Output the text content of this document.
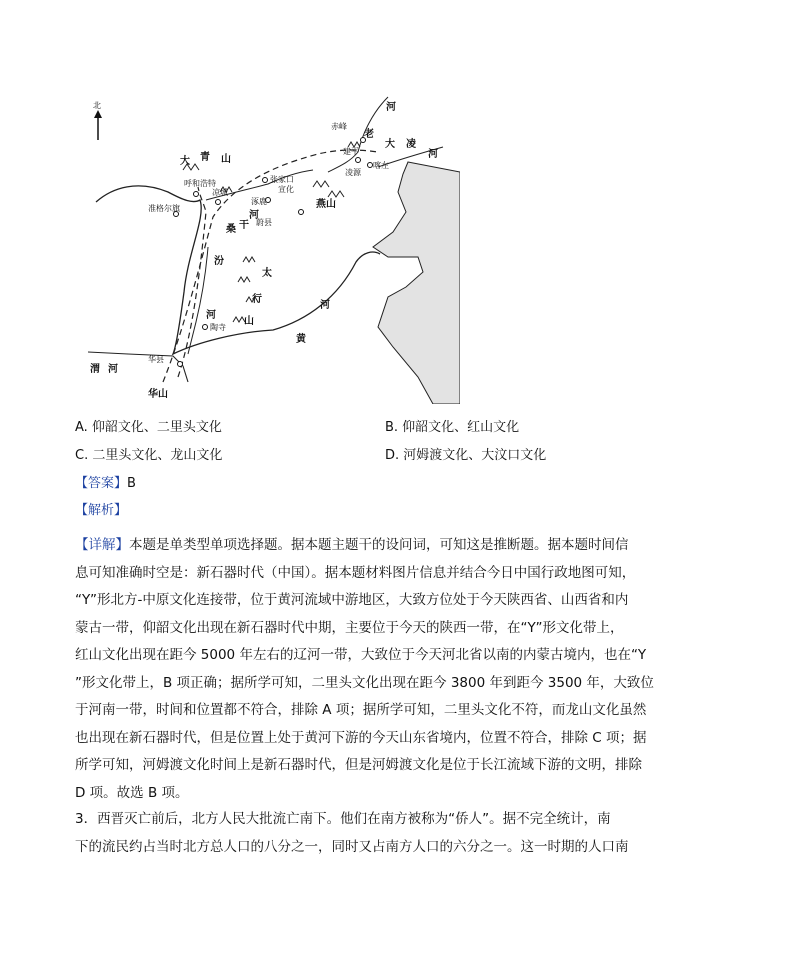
北
大 青 山
呼和浩特
凉城
准格尔旗
赤峰
建平
喀左
凌源
张家口
宣化
涿鹿
蔚县
燕山
桑 干
河
太
行
山
汾
河
陶寺
华县
渭 河
华山
黄
河
河
老
大 凌
河
A. 仰韶文化、二里头文化	B. 仰韶文化、红山文化
C. 二里头文化、龙山文化	D. 河姆渡文化、大汶口文化
【答案】B
【解析】
【详解】本题是单类型单项选择题。据本题主题干的设问词，可知这是推断题。据本题时间信
息可知准确时空是：新石器时代（中国）。据本题材料图片信息并结合今日中国行政地图可知，
“Y”形北方-中原文化连接带，位于黄河流域中游地区，大致方位处于今天陕西省、山西省和内
蒙古一带，仰韶文化出现在新石器时代中期，主要位于今天的陕西一带，在“Y”形文化带上，
红山文化出现在距今 5000 年左右的辽河一带，大致位于今天河北省以南的内蒙古境内，也在“Y
”形文化带上，B 项正确；据所学可知，二里头文化出现在距今 3800 年到距今 3500 年，大致位
于河南一带，时间和位置都不符合，排除 A 项；据所学可知，二里头文化不符，而龙山文化虽然
也出现在新石器时代，但是位置上处于黄河下游的今天山东省境内，位置不符合，排除 C 项；据
所学可知，河姆渡文化时间上是新石器时代，但是河姆渡文化是位于长江流域下游的文明，排除
D 项。故选 B 项。
3．西晋灭亡前后，北方人民大批流亡南下。他们在南方被称为“侨人”。据不完全统计，南
下的流民约占当时北方总人口的八分之一，同时又占南方人口的六分之一。这一时期的人口南
